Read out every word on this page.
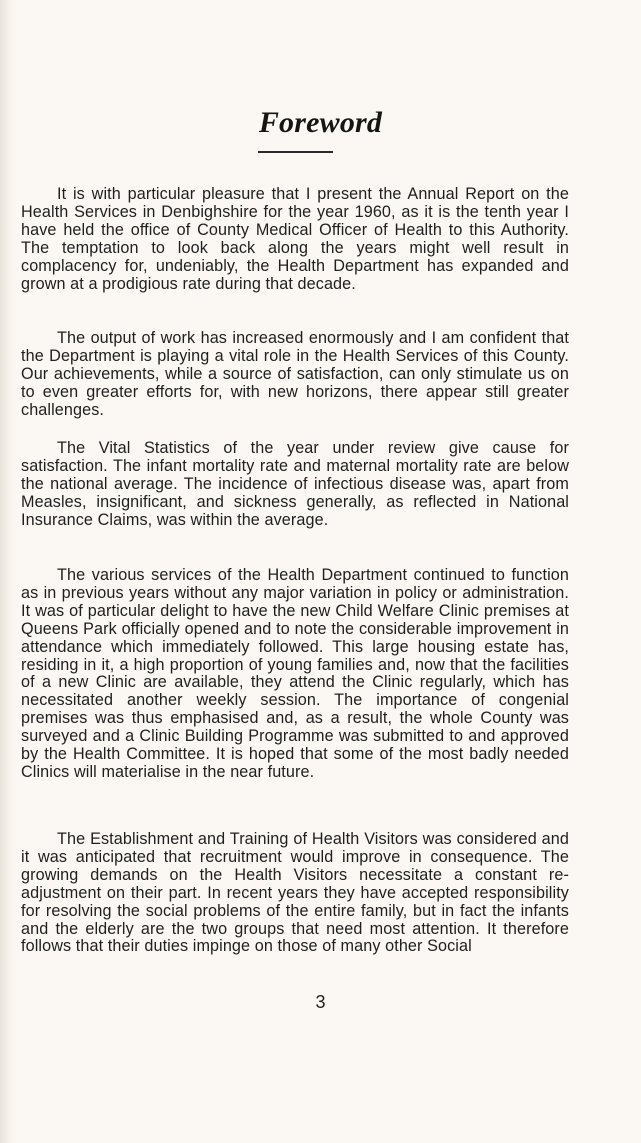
Foreword

It is with particular pleasure that I present the Annual Report on the Health Services in Denbighshire for the year 1960, as it is the tenth year I have held the office of County Medical Officer of Health to this Authority. The temptation to look back along the years might well result in complacency for, undeniably, the Health Department has expanded and grown at a prodigious rate during that decade.

The output of work has increased enormously and I am confident that the Department is playing a vital role in the Health Services of this County. Our achievements, while a source of satisfaction, can only stimulate us on to even greater efforts for, with new horizons, there appear still greater challenges.

The Vital Statistics of the year under review give cause for satisfaction. The infant mortality rate and maternal mortality rate are below the national average. The incidence of infectious disease was, apart from Measles, insignificant, and sickness generally, as reflected in National Insurance Claims, was within the average.

The various services of the Health Department continued to function as in previous years without any major variation in policy or administration. It was of particular delight to have the new Child Welfare Clinic premises at Queens Park officially opened and to note the considerable improvement in attendance which immediately followed. This large housing estate has, residing in it, a high proportion of young families and, now that the facilities of a new Clinic are available, they attend the Clinic regularly, which has necessitated another weekly session. The importance of congenial premises was thus emphasised and, as a result, the whole County was surveyed and a Clinic Building Programme was submitted to and approved by the Health Committee. It is hoped that some of the most badly needed Clinics will materialise in the near future.

The Establishment and Training of Health Visitors was considered and it was anticipated that recruitment would improve in consequence. The growing demands on the Health Visitors necessitate a constant re-adjustment on their part. In recent years they have accepted responsibility for resolving the social problems of the entire family, but in fact the infants and the elderly are the two groups that need most attention. It therefore follows that their duties impinge on those of many other Social

3
